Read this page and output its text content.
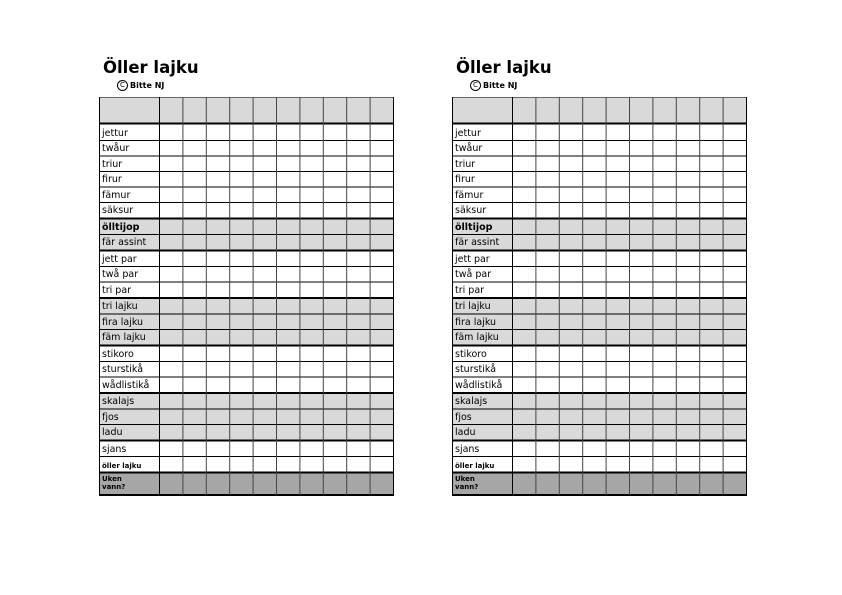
Öller lajku
C Bitte NJ
jettur
twåur
triur
firur
fämur
säksur
ölltijop
fär assint
jett par
twå par
tri par
tri lajku
fira lajku
fäm lajku
stikoro
sturstikå
wådlistikå
skalajs
fjos
ladu
sjans
öller lajku
Uken vann?
Öller lajku
C Bitte NJ
jettur
twåur
triur
firur
fämur
säksur
ölltijop
fär assint
jett par
twå par
tri par
tri lajku
fira lajku
fäm lajku
stikoro
sturstikå
wådlistikå
skalajs
fjos
ladu
sjans
öller lajku
Uken vann?
